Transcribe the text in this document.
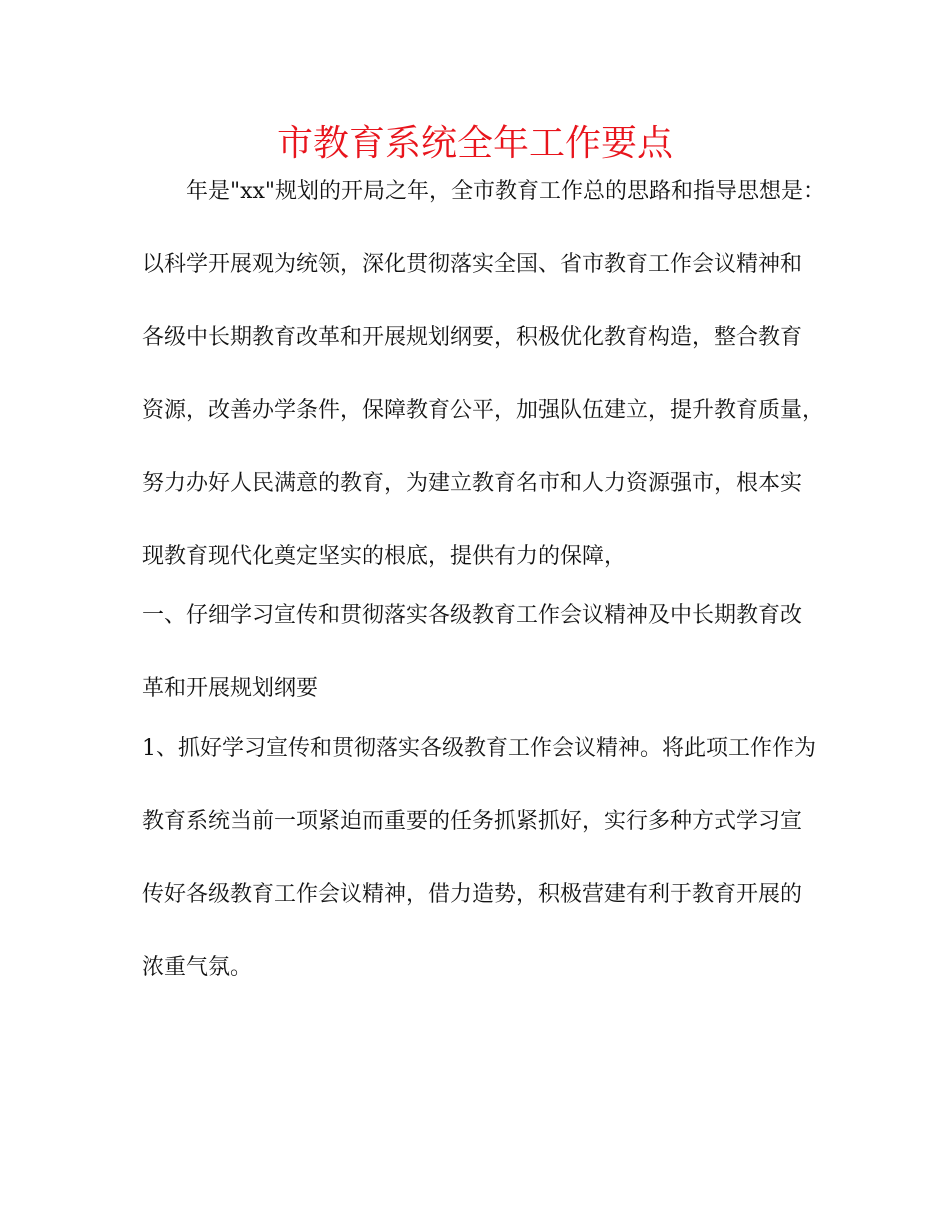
市教育系统全年工作要点

年是"xx"规划的开局之年，全市教育工作总的思路和指导思想是：

以科学开展观为统领，深化贯彻落实全国、省市教育工作会议精神和

各级中长期教育改革和开展规划纲要，积极优化教育构造，整合教育

资源，改善办学条件，保障教育公平，加强队伍建立，提升教育质量，

努力办好人民满意的教育，为建立教育名市和人力资源强市，根本实

现教育现代化奠定坚实的根底，提供有力的保障，

一、仔细学习宣传和贯彻落实各级教育工作会议精神及中长期教育改

革和开展规划纲要

1、抓好学习宣传和贯彻落实各级教育工作会议精神。将此项工作作为

教育系统当前一项紧迫而重要的任务抓紧抓好，实行多种方式学习宣

传好各级教育工作会议精神，借力造势，积极营建有利于教育开展的

浓重气氛。
